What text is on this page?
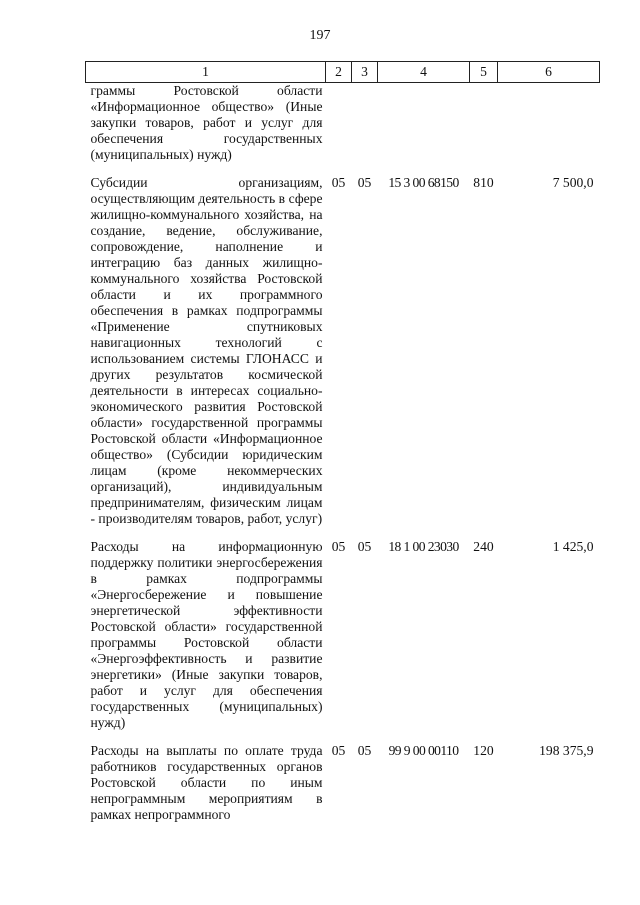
197
1	2	3	4	5	6
граммы Ростовской области «Информационное общество» (Иные закупки товаров, работ и услуг для обеспечения государственных (муниципальных) нужд)					
Субсидии организациям, осуществляющим деятельность в сфере жилищно-коммунального хозяйства, на создание, ведение, обслуживание, сопровождение, наполнение и интеграцию баз данных жилищно-коммунального хозяйства Ростовской области и их программного обеспечения в рамках подпрограммы «Применение спутниковых навигационных технологий с использованием системы ГЛОНАСС и других результатов космической деятельности в интересах социально-экономического развития Ростовской области» государственной программы Ростовской области «Информационное общество» (Субсидии юридическим лицам (кроме некоммерческих организаций), индивидуальным предпринимателям, физическим лицам - производителям товаров, работ, услуг)	05	05	15 3 00 68150	810	7 500,0
Расходы на информационную поддержку политики энергосбережения в рамках подпрограммы «Энергосбережение и повышение энергетической эффективности Ростовской области» государственной программы Ростовской области «Энергоэффективность и развитие энергетики» (Иные закупки товаров, работ и услуг для обеспечения государственных (муниципальных) нужд)	05	05	18 1 00 23030	240	1 425,0
Расходы на выплаты по оплате труда работников государственных органов Ростовской области по иным непрограммным мероприятиям в рамках непрограммного	05	05	99 9 00 00110	120	198 375,9
